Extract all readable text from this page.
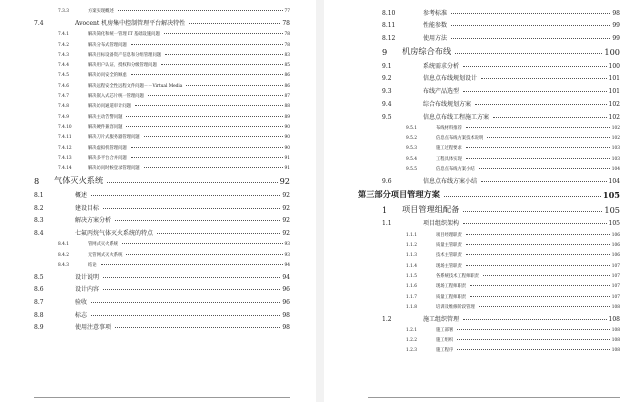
7.3.3	方案实现概述	77
7.4	Avocent 机房集中控制管理平台解决特性	78
7.4.1	解决简化和统一管理 IT 基础设施问题	78
7.4.2	解决分布式管理问题	78
7.4.3	解决目标设备资产信息和分组管理问题	83
7.4.4	解决用户认证、授权和分级管理问题	85
7.4.5	解决访问安全的顾虑	86
7.4.6	解决远程安全性远程文件问题－－Virtual Media	86
7.4.7	解决嵌入式芯片统一管理问题	87
7.4.8	解决访问通道审计问题	88
7.4.9	解决主动告警问题	89
7.4.10	解决硬件兼容问题	90
7.4.11	解决刀片式服务器管理问题	90
7.4.12	解决虚拟机管理问题	90
7.4.13	解决多平台合并问题	91
7.4.14	解决访问时候登录管理问题	91
8 气体灭火系统	92
8.1	概述	92
8.2	建设目标	92
8.3	解决方案分析	92
8.4	七氟丙烷气体灭火系统的特点	92
8.4.1	管网式灭火系统	93
8.4.2	无管网式灭火系统	93
8.4.3	结论	94
8.5	设计说明	94
8.6	设计内容	96
8.7	验收	96
8.8	标志	98
8.9	使用注意事项	98
8.10	参考标准	98
8.11	性能参数	99
8.12	使用方法	99
9 机房综合布线	100
9.1	系统需求分析	100
9.2	信息点布线规划设计	101
9.3	布线产品选型	101
9.4	综合布线规划方案	102
9.5	信息点布线工程施工方案	102
9.5.1	布线材料推荐	102
9.5.2	信息点布线方案技术说明	102
9.5.3	施工过程要求	103
9.5.4	工程具体实现	103
9.5.5	信息点布线方案小结	104
9.6	信息点布线方案小结	104
第三部分项目管理方案	105
1 项目管理组配备	105
1.1	项目组织架构	105
1.1.1	项目经理职责	106
1.1.2	质量主管职责	106
1.1.3	技术主管职责	106
1.1.4	现场主管职责	107
1.1.5	各系统技术工程师职责	107
1.1.6	现场工程师职责	107
1.1.7	质量工程师职责	107
1.1.8	培训及维修阶段管理	108
1.2	施工组织管理	108
1.2.1	施工部署	108
1.2.2	施工组织	108
1.2.3	施工程序	108
